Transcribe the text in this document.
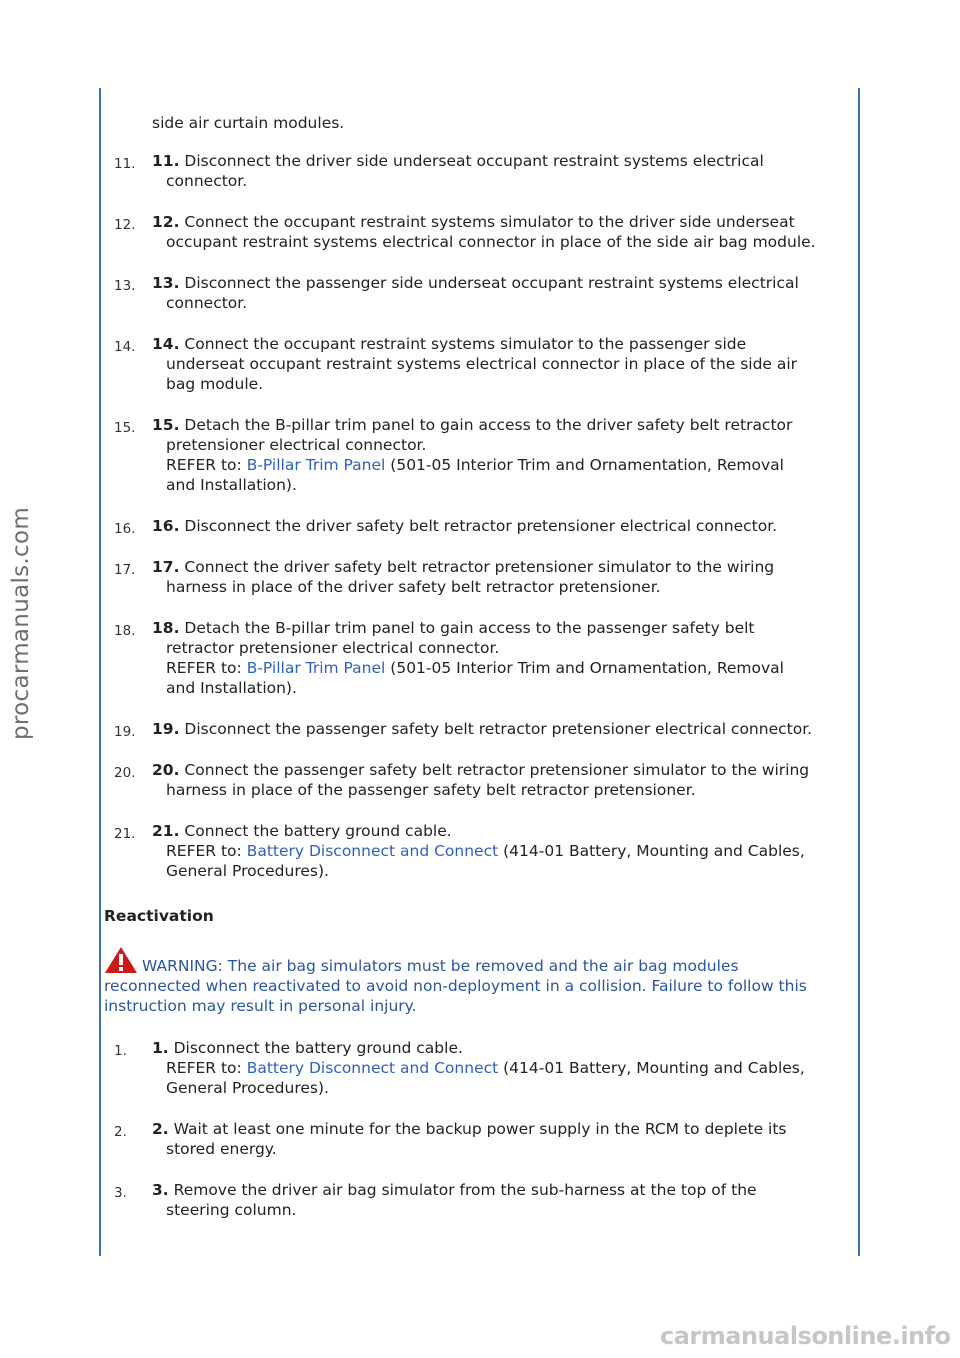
procarmanuals.com
carmanualsonline.info
side air curtain modules.
11. 11. Disconnect the driver side underseat occupant restraint systems electrical
connector.
12. 12. Connect the occupant restraint systems simulator to the driver side underseat
occupant restraint systems electrical connector in place of the side air bag module.
13. 13. Disconnect the passenger side underseat occupant restraint systems electrical
connector.
14. 14. Connect the occupant restraint systems simulator to the passenger side
underseat occupant restraint systems electrical connector in place of the side air
bag module.
15. 15. Detach the B-pillar trim panel to gain access to the driver safety belt retractor
pretensioner electrical connector.
REFER to: B-Pillar Trim Panel (501-05 Interior Trim and Ornamentation, Removal
and Installation).
16. 16. Disconnect the driver safety belt retractor pretensioner electrical connector.
17. 17. Connect the driver safety belt retractor pretensioner simulator to the wiring
harness in place of the driver safety belt retractor pretensioner.
18. 18. Detach the B-pillar trim panel to gain access to the passenger safety belt
retractor pretensioner electrical connector.
REFER to: B-Pillar Trim Panel (501-05 Interior Trim and Ornamentation, Removal
and Installation).
19. 19. Disconnect the passenger safety belt retractor pretensioner electrical connector.
20. 20. Connect the passenger safety belt retractor pretensioner simulator to the wiring
harness in place of the passenger safety belt retractor pretensioner.
21. 21. Connect the battery ground cable.
REFER to: Battery Disconnect and Connect (414-01 Battery, Mounting and Cables,
General Procedures).
Reactivation
WARNING: The air bag simulators must be removed and the air bag modules
reconnected when reactivated to avoid non-deployment in a collision. Failure to follow this
instruction may result in personal injury.
1. 1. Disconnect the battery ground cable.
REFER to: Battery Disconnect and Connect (414-01 Battery, Mounting and Cables,
General Procedures).
2. 2. Wait at least one minute for the backup power supply in the RCM to deplete its
stored energy.
3. 3. Remove the driver air bag simulator from the sub-harness at the top of the
steering column.
